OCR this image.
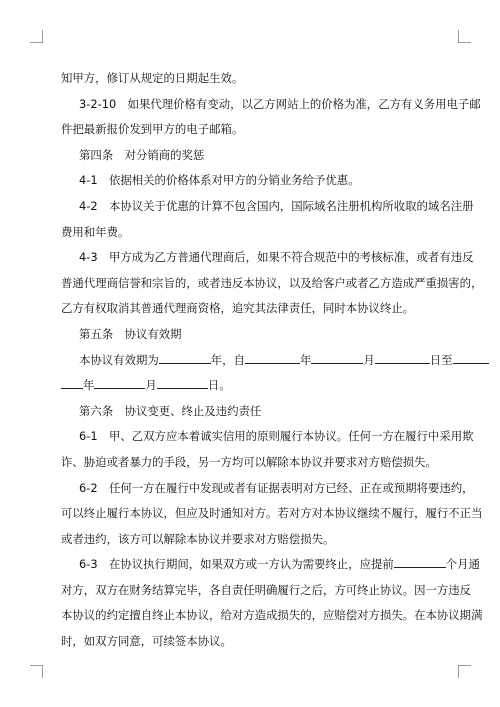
知甲方，修订从规定的日期起生效。

3-2-10　如果代理价格有变动，以乙方网站上的价格为准，乙方有义务用电子邮

件把最新报价发到甲方的电子邮箱。

第四条　对分销商的奖惩

4-1　依据相关的价格体系对甲方的分销业务给予优惠。

4-2　本协议关于优惠的计算不包含国内，国际域名注册机构所收取的域名注册

费用和年费。

4-3　甲方成为乙方普通代理商后，如果不符合规范中的考核标准，或者有违反

普通代理商信誉和宗旨的，或者违反本协议，以及给客户或者乙方造成严重损害的，

乙方有权取消其普通代理商资格，追究其法律责任，同时本协议终止。

第五条　协议有效期

本协议有效期为	年，自	年	月	日至

年	月	日。

第六条　协议变更、终止及违约责任

6-1　甲、乙双方应本着诚实信用的原则履行本协议。任何一方在履行中采用欺

诈、胁迫或者暴力的手段，另一方均可以解除本协议并要求对方赔偿损失。

6-2　任何一方在履行中发现或者有证据表明对方已经、正在或预期将要违约，

可以终止履行本协议，但应及时通知对方。若对方对本协议继续不履行，履行不正当

或者违约，该方可以解除本协议并要求对方赔偿损失。

6-3　在协议执行期间，如果双方或一方认为需要终止，应提前	个月通

对方，双方在财务结算完毕，各自责任明确履行之后，方可终止协议。因一方违反

本协议的约定擅自终止本协议，给对方造成损失的，应赔偿对方损失。在本协议期满

时，如双方同意，可续签本协议。
